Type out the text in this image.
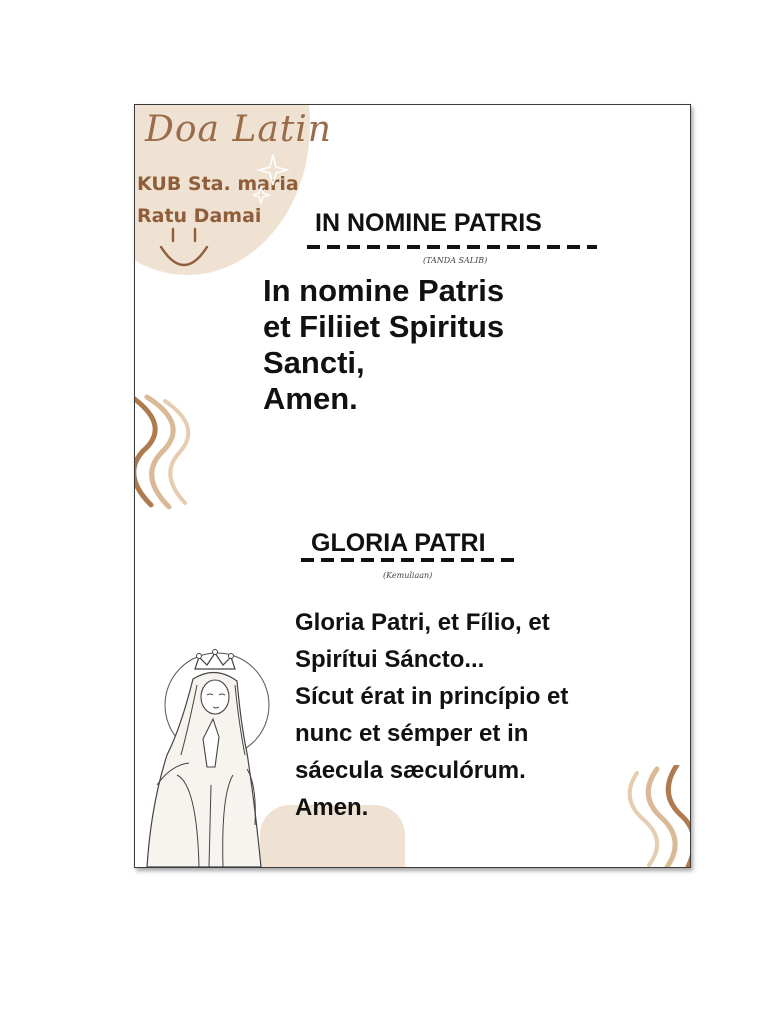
Doa Latin
KUB Sta. maria
Ratu Damai IN NOMINE PATRIS
(TANDA SALIB)
In nomine Patris
et Filiiet Spiritus
Sancti,
Amen.
GLORIA PATRI
(Kemuliaan)
Gloria Patri, et Fílio, et
Spirítui Sáncto...
Sícut érat in princípio et
nunc et sémper et in
sáecula sæculórum.
Amen.
